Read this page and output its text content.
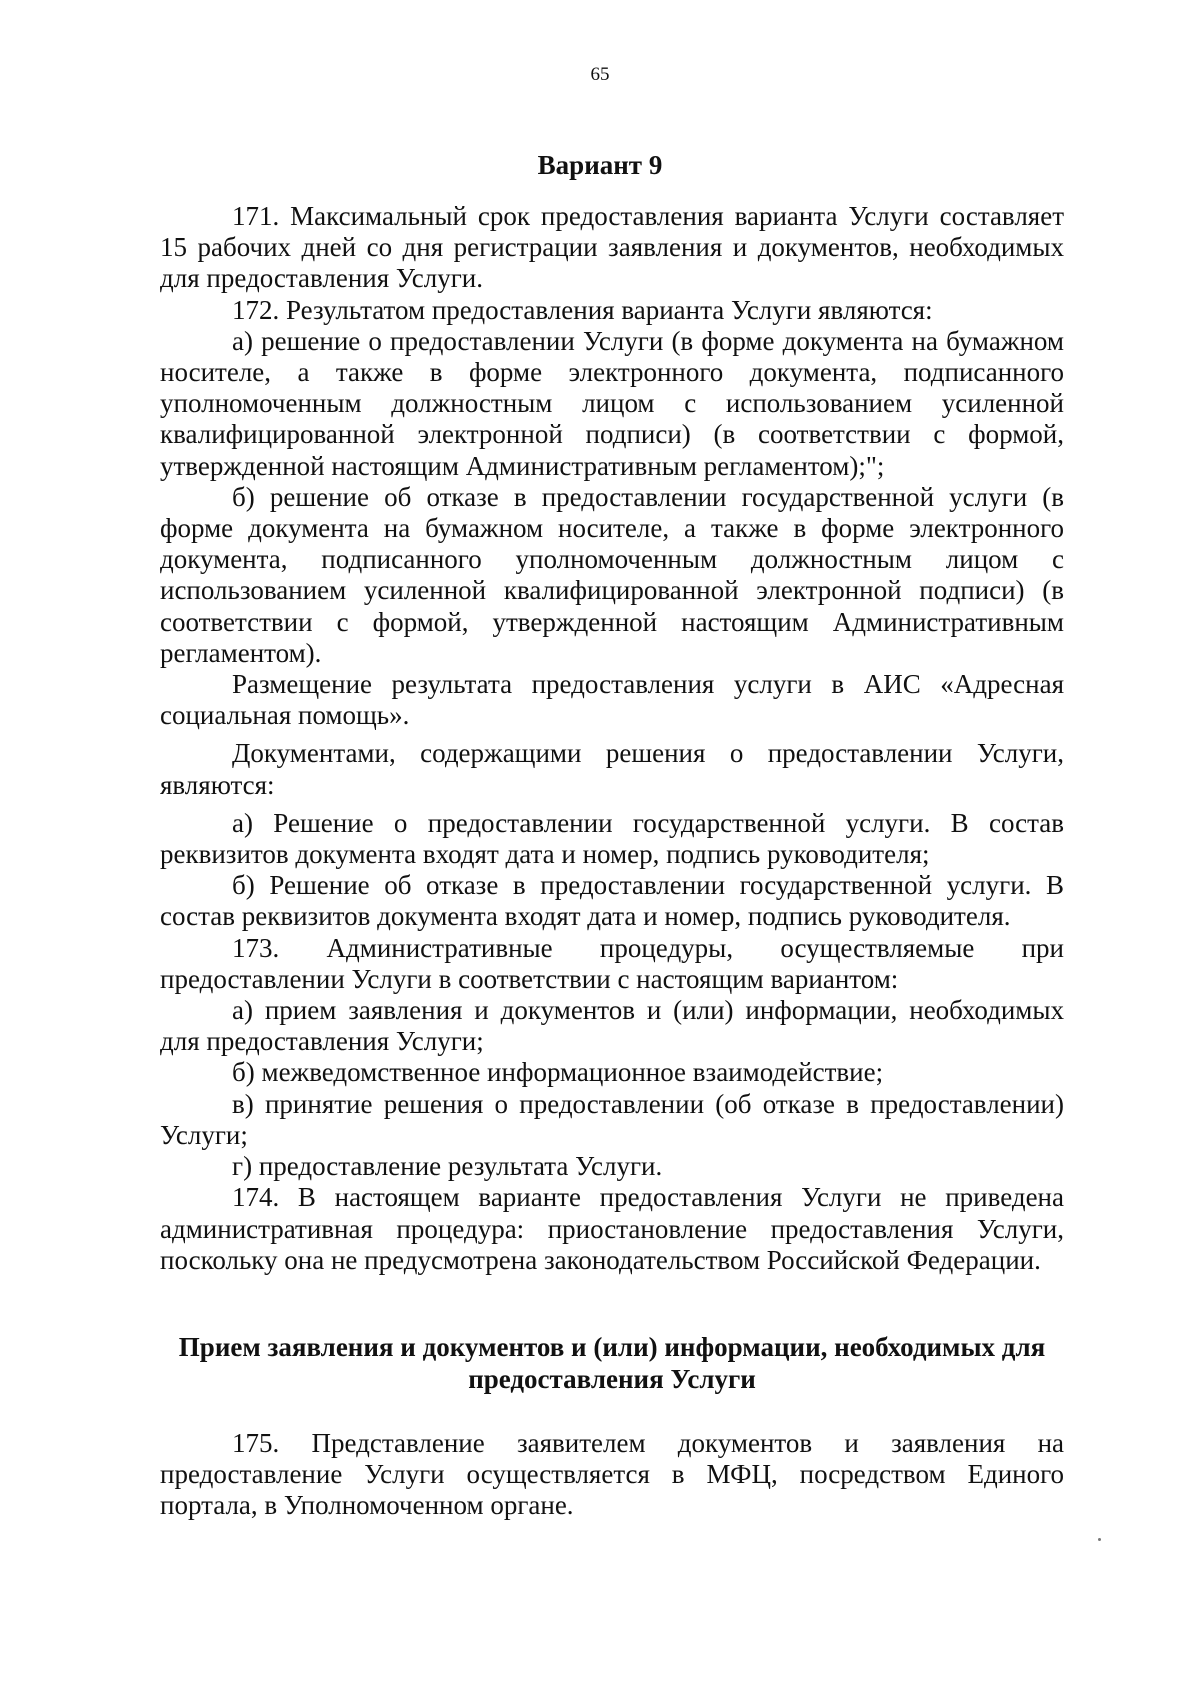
65
Вариант 9

171. Максимальный срок предоставления варианта Услуги составляет 15 рабочих дней со дня регистрации заявления и документов, необходимых для предоставления Услуги.

172. Результатом предоставления варианта Услуги являются:

а) решение о предоставлении Услуги (в форме документа на бумажном носителе, а также в форме электронного документа, подписанного уполномоченным должностным лицом с использованием усиленной квалифицированной электронной подписи) (в соответствии с формой, утвержденной настоящим Административным регламентом);";

б) решение об отказе в предоставлении государственной услуги (в форме документа на бумажном носителе, а также в форме электронного документа, подписанного уполномоченным должностным лицом с использованием усиленной квалифицированной электронной подписи) (в соответствии с формой, утвержденной настоящим Административным регламентом).

Размещение результата предоставления услуги в АИС «Адресная социальная помощь».

Документами, содержащими решения о предоставлении Услуги, являются:

а) Решение о предоставлении государственной услуги. В состав реквизитов документа входят дата и номер, подпись руководителя;

б) Решение об отказе в предоставлении государственной услуги. В состав реквизитов документа входят дата и номер, подпись руководителя.

173. Административные процедуры, осуществляемые при предоставлении Услуги в соответствии с настоящим вариантом:

а) прием заявления и документов и (или) информации, необходимых для предоставления Услуги;

б) межведомственное информационное взаимодействие;

в) принятие решения о предоставлении (об отказе в предоставлении) Услуги;

г) предоставление результата Услуги.

174. В настоящем варианте предоставления Услуги не приведена административная процедура: приостановление предоставления Услуги, поскольку она не предусмотрена законодательством Российской Федерации.

Прием заявления и документов и (или) информации, необходимых для предоставления Услуги

175. Представление заявителем документов и заявления на предоставление Услуги осуществляется в МФЦ, посредством Единого портала, в Уполномоченном органе.
